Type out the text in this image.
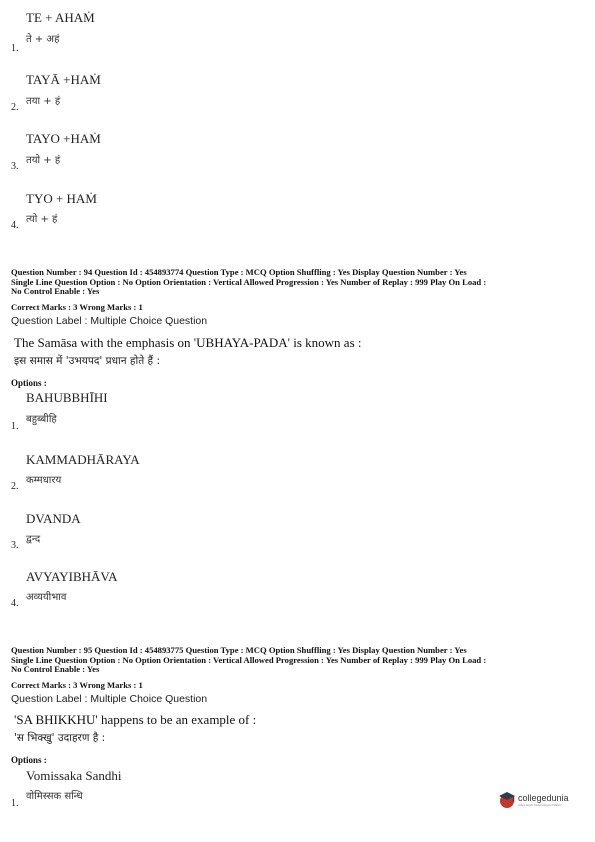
TE + AHAṀ
ते + अहं
1.
TAYĀ +HAṀ
तया + हं
2.
TAYO +HAṀ
तयो + हं
3.
TYO + HAṀ
त्यो + हं
4.
Question Number : 94 Question Id : 454893774 Question Type : MCQ Option Shuffling : Yes Display Question Number : Yes
Single Line Question Option : No Option Orientation : Vertical Allowed Progression : Yes Number of Replay : 999 Play On Load :
No Control Enable : Yes
Correct Marks : 3 Wrong Marks : 1
Question Label : Multiple Choice Question
The Samāsa with the emphasis on 'UBHAYA-PADA' is known as :
इस समास में 'उभयपद' प्रधान होते हैं :
Options :
BAHUBBHĪHI
बहुब्बीहि
1.
KAMMADHĀRAYA
कम्मधारय
2.
DVANDA
द्वन्द
3.
AVYAYIBHĀVA
अव्ययीभाव
4.
Question Number : 95 Question Id : 454893775 Question Type : MCQ Option Shuffling : Yes Display Question Number : Yes
Single Line Question Option : No Option Orientation : Vertical Allowed Progression : Yes Number of Replay : 999 Play On Load :
No Control Enable : Yes
Correct Marks : 3 Wrong Marks : 1
Question Label : Multiple Choice Question
'SA BHIKKHU' happens to be an example of :
'स भिक्खु' उदाहरण है :
Options :
Vomissaka Sandhi
वोमिस्सक सन्धि
1.	collegedunia
India's largest Student Review Platform
